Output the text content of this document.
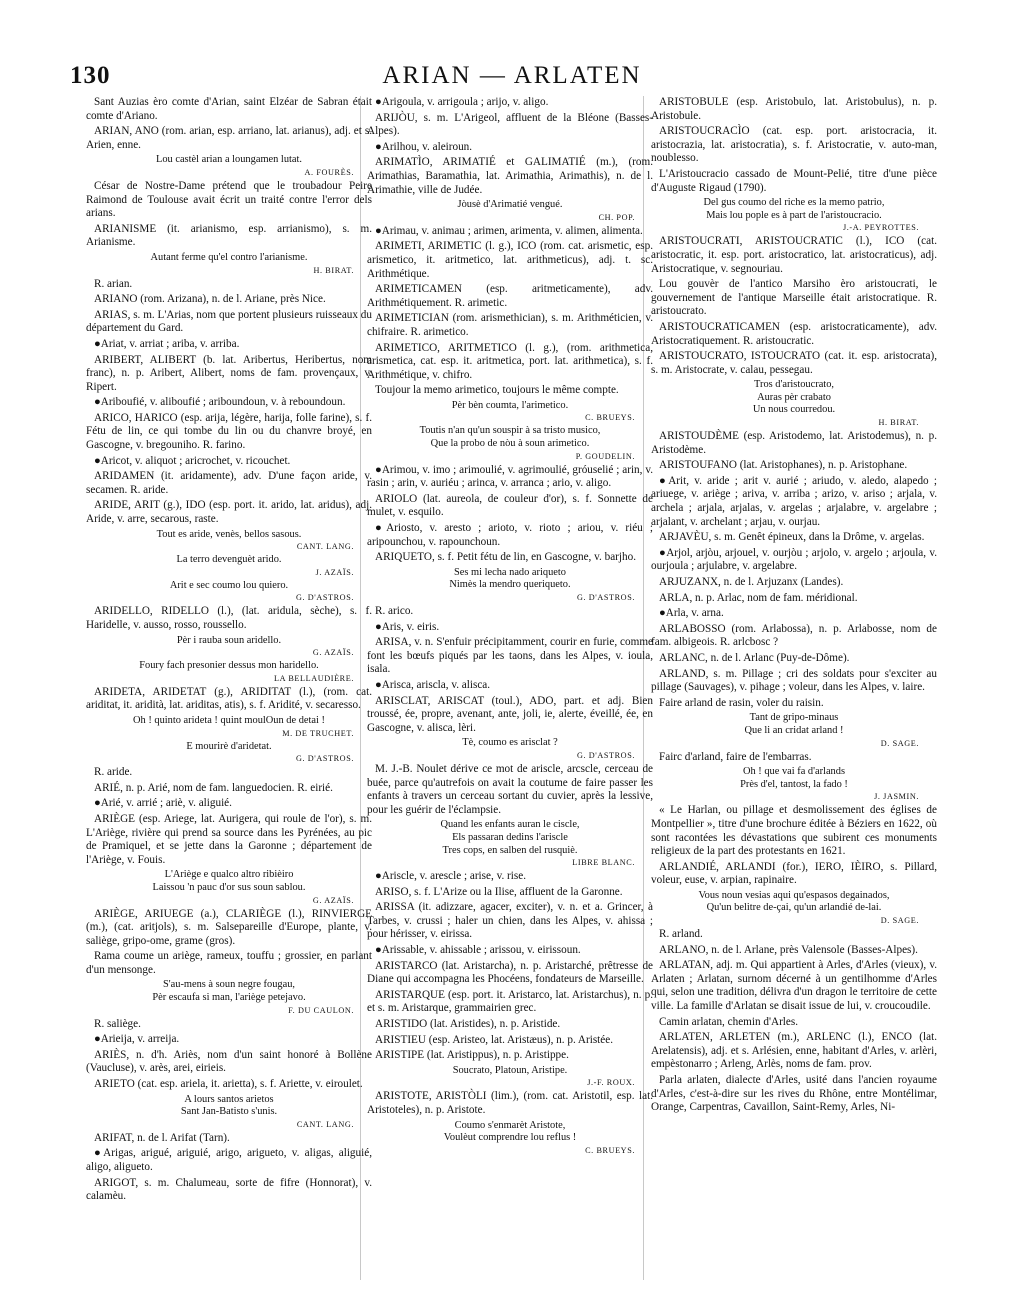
130	ARIAN — ARLATEN
Sant Auzias èro comte d'Arian, saint Elzéar de Sabran était comte d'Ariano.
ARIAN, ANO (rom. arian, esp. arriano, lat. arianus), adj. et s. Arien, enne.
Lou castèl arian a loungamen lutat.
A. FOURÈS.
César de Nostre-Dame prétend que le troubadour Peire Raimond de Toulouse avait écrit un traité contre l'error dels arians.
ARIANISME (it. arianismo, esp. arrianismo), s. m. Arianisme.
Autant ferme qu'el contro l'arianisme.
H. BIRAT.
R. arian.
ARIANO (rom. Arizana), n. de l. Ariane, près Nice.
ARIAS, s. m. L'Arias, nom que portent plusieurs ruisseaux du département du Gard.
●Ariat, v. arriat ; ariba, v. arriba.
ARIBERT, ALIBERT (b. lat. Aribertus, Heribertus, nom franc), n. p. Aribert, Alibert, noms de fam. provençaux, v. Ripert.
●Ariboufié, v. aliboufié ; ariboundoun, v. à reboundoun.
ARICO, HARICO (esp. arija, légère, harija, folle farine), s. f. Fétu de lin, ce qui tombe du lin ou du chanvre broyé, en Gascogne, v. bregouniho. R. farino.
●Aricot, v. aliquot ; aricrochet, v. ricouchet.
ARIDAMEN (it. aridamente), adv. D'une façon aride, v. secamen. R. aride.
ARIDE, ARIT (g.), IDO (esp. port. it. arido, lat. aridus), adj. Aride, v. arre, secarous, raste.
Tout es aride, venès, bellos sasous.
CANT. LANG.
La terro devenguèt arido.
J. AZAÏS.
Arit e sec coumo lou quiero.
G. D'ASTROS.
ARIDELLO, RIDELLO (l.), (lat. aridula, sèche), s. f. Haridelle, v. ausso, rosso, roussello.
Pèr i rauba soun aridello.
G. AZAÏS.
Foury fach presonier dessus mon haridello.
LA BELLAUDIÈRE.
ARIDETA, ARIDETAT (g.), ARIDITAT (l.), (rom. cat. ariditat, it. aridità, lat. ariditas, atis), s. f. Aridité, v. secaresso.
Oh ! quinto arideta ! quint moulOun de detai !
M. DE TRUCHET.
E mourirè d'aridetat.
G. D'ASTROS.
R. aride.
ARIÉ, n. p. Arié, nom de fam. languedocien. R. eirié.
●Arié, v. arrié ; ariè, v. aliguié.
ARIÈGE (esp. Ariege, lat. Aurigera, qui roule de l'or), s. m. L'Ariège, rivière qui prend sa source dans les Pyrénées, au pic de Pramiquel, et se jette dans la Garonne ; département de l'Ariège, v. Fouis.
L'Ariège e qualco altro ribièiro
Laissou 'n pauc d'or sus soun sablou.
G. AZAÏS.
ARIÈGE, ARIUEGE (a.), CLARIÈGE (l.), RINVIERGE (m.), (cat. aritjols), s. m. Salsepareille d'Europe, plante, v. saliège, gripo-ome, grame (gros).
Rama coume un ariège, rameux, touffu ; grossier, en parlant d'un mensonge.
S'au-mens à soun negre fougau,
Pèr escaufa si man, l'ariège petejavo.
F. DU CAULON.
R. saliège.
●Arieija, v. arreija.
ARIÈS, n. d'h. Ariès, nom d'un saint honoré à Bollène (Vaucluse), v. arès, arei, eirieis.
ARIETO (cat. esp. ariela, it. arietta), s. f. Ariette, v. eiroulet.
A lours santos arietos
Sant Jan-Batisto s'unis.
CANT. LANG.
ARIFAT, n. de l. Arifat (Tarn).
●Arigas, arigué, ariguié, arigo, arigueto, v. aligas, aliguié, aligo, aligueto.
ARIGOT, s. m. Chalumeau, sorte de fifre (Honnorat), v. calamèu.
●Arigoula, v. arrigoula ; arijo, v. aligo.
ARIJÒU, s. m. L'Arigeol, affluent de la Bléone (Basses-Alpes).
●Arilhou, v. aleiroun.
ARIMATÌO, ARIMATIÉ et GALIMATIÉ (m.), (rom. Arimathias, Baramathia, lat. Arimathia, Arimathis), n. de l. Arimathie, ville de Judée.
Jòusè d'Arimatié vengué.
CH. POP.
●Arimau, v. animau ; arimen, arimenta, v. alimen, alimenta.
ARIMETI, ARIMETIC (l. g.), ICO (rom. cat. arismetic, esp. arismetico, it. aritmetico, lat. arithmeticus), adj. t. sc. Arithmétique.
ARIMETICAMEN (esp. aritmeticamente), adv. Arithmétiquement. R. arimetic.
ARIMETICIAN (rom. arismethician), s. m. Arithméticien, v. chifraire. R. arimetico.
ARIMETICO, ARITMETICO (l. g.), (rom. arithmetica, arismetica, cat. esp. it. aritmetica, port. lat. arithmetica), s. f. Arithmétique, v. chifro.
Toujour la memo arimetico, toujours le même compte.
Pèr bèn coumta, l'arimetico.
C. BRUEYS.
Toutis n'an qu'un souspir à sa tristo musico,
Que la probo de nòu à soun arimetico.
P. GOUDELIN.
●Arimou, v. imo ; arimoulié, v. agrimoulié, gróuselié ; arin, v. rasin ; arin, v. auriéu ; arinca, v. arranca ; ario, v. aligo.
ARIOLO (lat. aureola, de couleur d'or), s. f. Sonnette de mulet, v. esquilo.
●Ariosto, v. aresto ; arioto, v. rioto ; ariou, v. riéu ; aripounchou, v. rapounchoun.
ARIQUETO, s. f. Petit fétu de lin, en Gascogne, v. barjho.
Ses mi lecha nado ariqueto
Nimès la mendro queriqueto.
G. D'ASTROS.
R. arico.
●Aris, v. eiris.
ARISA, v. n. S'enfuir précipitamment, courir en furie, comme font les bœufs piqués par les taons, dans les Alpes, v. ioula, isala.
●Arisca, ariscla, v. alisca.
ARISCLAT, ARISCAT (toul.), ADO, part. et adj. Bien troussé, ée, propre, avenant, ante, joli, ie, alerte, éveillé, ée, en Gascogne, v. alisca, lèri.
Tè, coumo es arisclat ?
G. D'ASTROS.
M. J.-B. Noulet dérive ce mot de ariscle, arcscle, cerceau de buée, parce qu'autrefois on avait la coutume de faire passer les enfants à travers un cerceau sortant du cuvier, après la lessive, pour les guérir de l'éclampsie.
Quand les enfants auran le ciscle,
Els passaran dedins l'ariscle
Tres cops, en salben del rusquiè.
LIBRE BLANC.
●Ariscle, v. arescle ; arise, v. rise.
ARISO, s. f. L'Arize ou la Ilise, affluent de la Garonne.
ARISSA (it. adizzare, agacer, exciter), v. n. et a. Grincer, à Tarbes, v. crussi ; haler un chien, dans les Alpes, v. ahissa ; pour hérisser, v. eirissa.
●Arissable, v. ahissable ; arissou, v. eirissoun.
ARISTARCO (lat. Aristarcha), n. p. Aristarché, prêtresse de Diane qui accompagna les Phocéens, fondateurs de Marseille.
ARISTARQUE (esp. port. it. Aristarco, lat. Aristarchus), n. p. et s. m. Aristarque, grammairien grec.
ARISTIDO (lat. Aristides), n. p. Aristide.
ARISTIEU (esp. Aristeo, lat. Aristæus), n. p. Aristée.
ARISTIPE (lat. Aristippus), n. p. Aristippe.
Soucrato, Platoun, Aristipe.
J.-F. ROUX.
ARISTOTE, ARISTÒLI (lim.), (rom. cat. Aristotil, esp. lat. Aristoteles), n. p. Aristote.
Coumo s'enmarèt Aristote,
Voulèut comprendre lou reflus !
C. BRUEYS.
ARISTOBULE (esp. Aristobulo, lat. Aristobulus), n. p. Aristobule.
ARISTOUCRACÌO (cat. esp. port. aristocracia, it. aristocrazia, lat. aristocratia), s. f. Aristocratie, v. auto-man, noublesso.
L'Aristoucracio cassado de Mount-Pelié, titre d'une pièce d'Auguste Rigaud (1790).
Del gus coumo del riche es la memo patrio,
Mais lou pople es à part de l'aristoucracio.
J.-A. PEYROTTES.
ARISTOUCRATI, ARISTOUCRATIC (l.), ICO (cat. aristocratic, it. esp. port. aristocratico, lat. aristocraticus), adj. Aristocratique, v. segnouriau.
Lou gouvèr de l'antico Marsiho èro aristoucrati, le gouvernement de l'antique Marseille était aristocratique. R. aristoucrato.
ARISTOUCRATICAMEN (esp. aristocraticamente), adv. Aristocratiquement. R. aristoucratic.
ARISTOUCRATO, ISTOUCRATO (cat. it. esp. aristocrata), s. m. Aristocrate, v. calau, pessegau.
Tros d'aristoucrato,
Auras pèr crabato
Un nous courredou.
H. BIRAT.
ARISTOUDÈME (esp. Aristodemo, lat. Aristodemus), n. p. Aristodème.
ARISTOUFANO (lat. Aristophanes), n. p. Aristophane.
●Arit, v. aride ; arit v. aurié ; ariudo, v. aledo, alapedo ; ariuege, v. ariège ; ariva, v. arriba ; arizo, v. ariso ; arjala, v. archela ; arjala, arjalas, v. argelas ; arjalabre, v. argelabre ; arjalant, v. archelant ; arjau, v. ourjau.
ARJAVÈU, s. m. Genêt épineux, dans la Drôme, v. argelas.
●Arjol, arjòu, arjouel, v. ourjòu ; arjolo, v. argelo ; arjoula, v. ourjoula ; arjulabre, v. argelabre.
ARJUZANX, n. de l. Arjuzanx (Landes).
ARLA, n. p. Arlac, nom de fam. méridional.
●Arla, v. arna.
ARLABOSSO (rom. Arlabossa), n. p. Arlabosse, nom de fam. albigeois. R. arlcbosc ?
ARLANC, n. de l. Arlanc (Puy-de-Dôme).
ARLAND, s. m. Pillage ; cri des soldats pour s'exciter au pillage (Sauvages), v. pihage ; voleur, dans les Alpes, v. laire.
Faire arland de rasin, voler du raisin.
Tant de gripo-minaus
Que li an cridat arland !
D. SAGE.
Fairc d'arland, faire de l'embarras.
Oh ! que vai fa d'arlands
Près d'el, tantost, la fado !
J. JASMIN.
« Le Harlan, ou pillage et desmolissement des églises de Montpellier », titre d'une brochure éditée à Béziers en 1622, où sont racontées les dévastations que subirent ces monuments religieux de la part des protestants en 1621.
ARLANDIÉ, ARLANDI (for.), IERO, IÈIRO, s. Pillard, voleur, euse, v. arpian, rapinaire.
Vous noun vesias aqui qu'espasos degainados,
Qu'un belitre de-çai, qu'un arlandié de-lai.
D. SAGE.
R. arland.
ARLANO, n. de l. Arlane, près Valensole (Basses-Alpes).
ARLATAN, adj. m. Qui appartient à Arles, d'Arles (vieux), v. Arlaten ; Arlatan, surnom décerné à un gentilhomme d'Arles qui, selon une tradition, délivra d'un dragon le territoire de cette ville. La famille d'Arlatan se disait issue de lui, v. croucoudile.
Camin arlatan, chemin d'Arles.
ARLATEN, ARLETEN (m.), ARLENC (l.), ENCO (lat. Arelatensis), adj. et s. Arlésien, enne, habitant d'Arles, v. arlèri, empèstonarro ; Arleng, Arlès, noms de fam. prov.
Parla arlaten, dialecte d'Arles, usité dans l'ancien royaume d'Arles, c'est-à-dire sur les rives du Rhône, entre Montélimar, Orange, Carpentras, Cavaillon, Saint-Remy, Arles, Ni-
